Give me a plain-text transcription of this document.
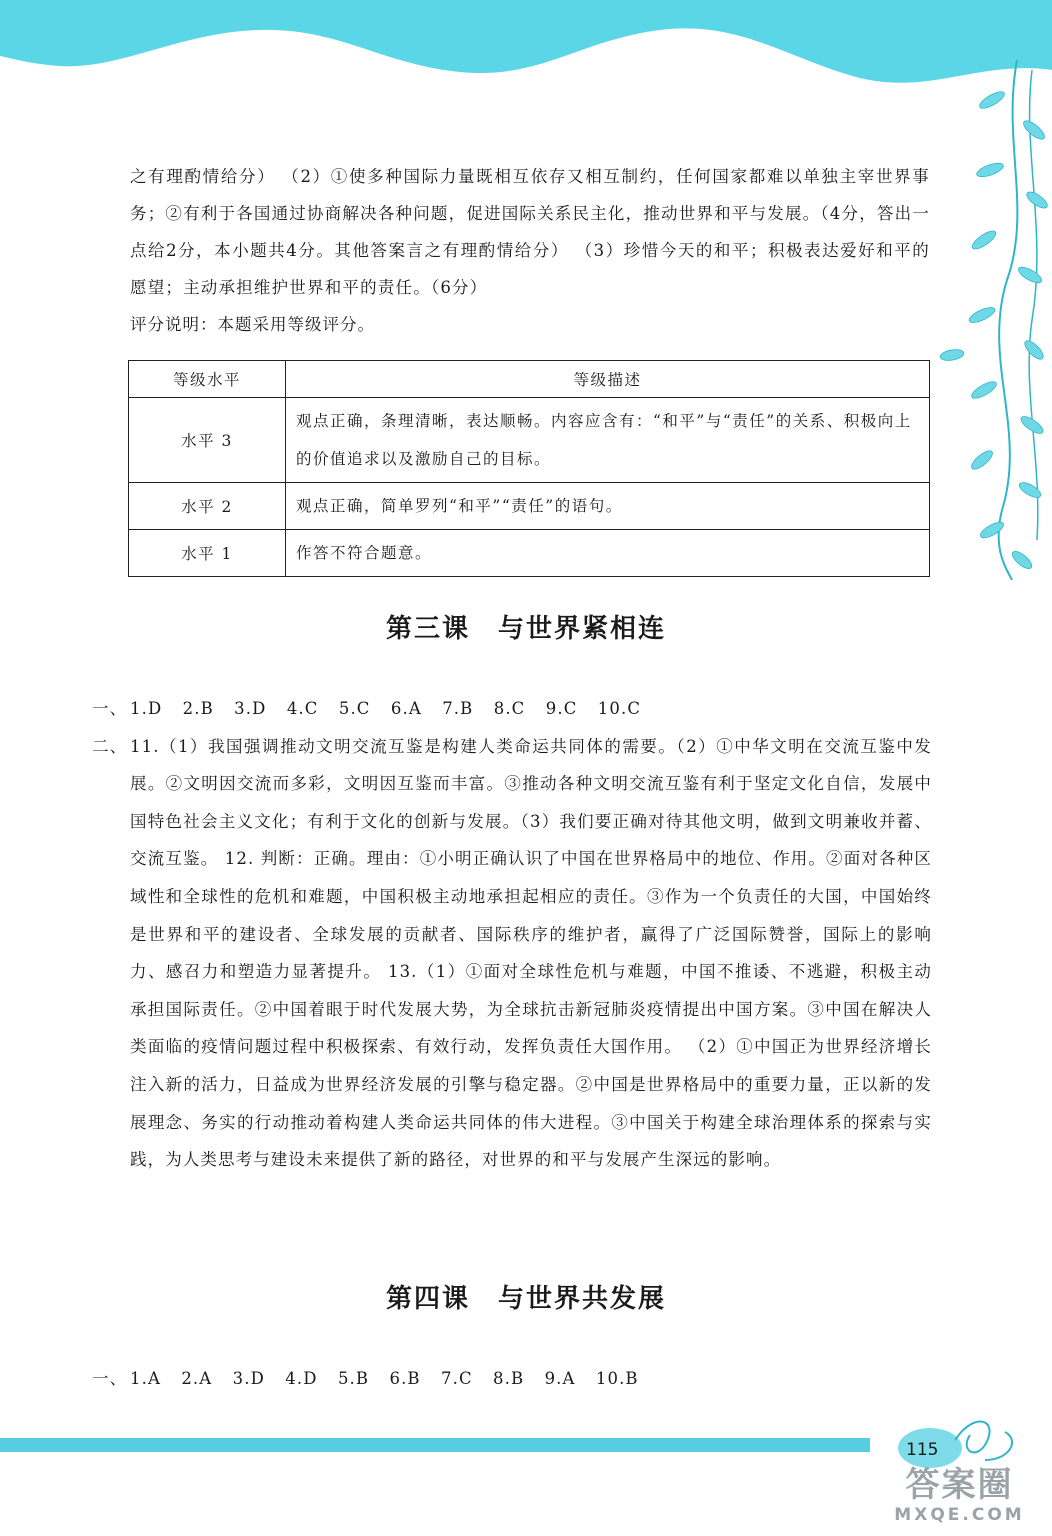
之有理酌情给分） （2）①使多种国际力量既相互依存又相互制约，任何国家都难以单独主宰世界事务；②有利于各国通过协商解决各种问题，促进国际关系民主化，推动世界和平与发展。（4分，答出一点给2分，本小题共4分。其他答案言之有理酌情给分） （3）珍惜今天的和平；积极表达爱好和平的愿望；主动承担维护世界和平的责任。（6分）

评分说明：本题采用等级评分。
等级水平	等级描述
水平 3	观点正确，条理清晰，表达顺畅。内容应含有：“和平”与“责任”的关系、积极向上的价值追求以及激励自己的目标。
水平 2	观点正确，简单罗列“和平”“责任”的语句。
水平 1	作答不符合题意。
第三课　与世界紧相连
一、 1.D 2.B 3.D 4.C 5.C 6.A 7.B 8.C 9.C 10.C
二、 11.（1）我国强调推动文明交流互鉴是构建人类命运共同体的需要。（2）①中华文明在交流互鉴中发展。②文明因交流而多彩，文明因互鉴而丰富。③推动各种文明交流互鉴有利于坚定文化自信，发展中国特色社会主义文化；有利于文化的创新与发展。（3）我们要正确对待其他文明，做到文明兼收并蓄、交流互鉴。 12. 判断：正确。理由：①小明正确认识了中国在世界格局中的地位、作用。②面对各种区域性和全球性的危机和难题，中国积极主动地承担起相应的责任。③作为一个负责任的大国，中国始终是世界和平的建设者、全球发展的贡献者、国际秩序的维护者，赢得了广泛国际赞誉，国际上的影响力、感召力和塑造力显著提升。 13.（1）①面对全球性危机与难题，中国不推诿、不逃避，积极主动承担国际责任。②中国着眼于时代发展大势，为全球抗击新冠肺炎疫情提出中国方案。③中国在解决人类面临的疫情问题过程中积极探索、有效行动，发挥负责任大国作用。 （2）①中国正为世界经济增长注入新的活力，日益成为世界经济发展的引擎与稳定器。②中国是世界格局中的重要力量，正以新的发展理念、务实的行动推动着构建人类命运共同体的伟大进程。③中国关于构建全球治理体系的探索与实践，为人类思考与建设未来提供了新的路径，对世界的和平与发展产生深远的影响。
第四课　与世界共发展
一、 1.A 2.A 3.D 4.D 5.B 6.B 7.C 8.B 9.A 10.B
115
答案圈
MXQE.COM
